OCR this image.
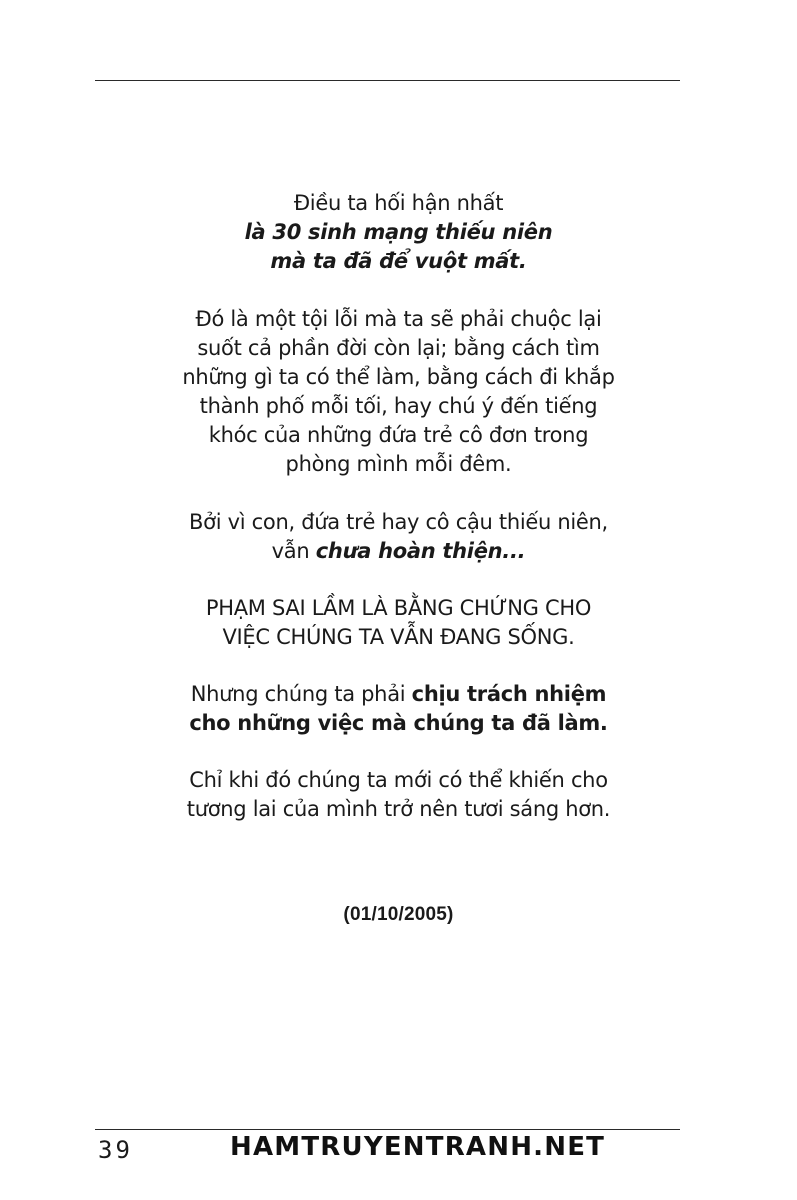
Điều ta hối hận nhất
là 30 sinh mạng thiếu niên
mà ta đã để vuột mất.
Đó là một tội lỗi mà ta sẽ phải chuộc lại
suốt cả phần đời còn lại; bằng cách tìm
những gì ta có thể làm, bằng cách đi khắp
thành phố mỗi tối, hay chú ý đến tiếng
khóc của những đứa trẻ cô đơn trong
phòng mình mỗi đêm.
Bởi vì con, đứa trẻ hay cô cậu thiếu niên,
vẫn chưa hoàn thiện...
PHẠM SAI LẦM LÀ BẰNG CHỨNG CHO
VIỆC CHÚNG TA VẪN ĐANG SỐNG.
Nhưng chúng ta phải chịu trách nhiệm
cho những việc mà chúng ta đã làm.
Chỉ khi đó chúng ta mới có thể khiến cho
tương lai của mình trở nên tươi sáng hơn.
(01/10/2005)
39	HAMTRUYENTRANH.NET
